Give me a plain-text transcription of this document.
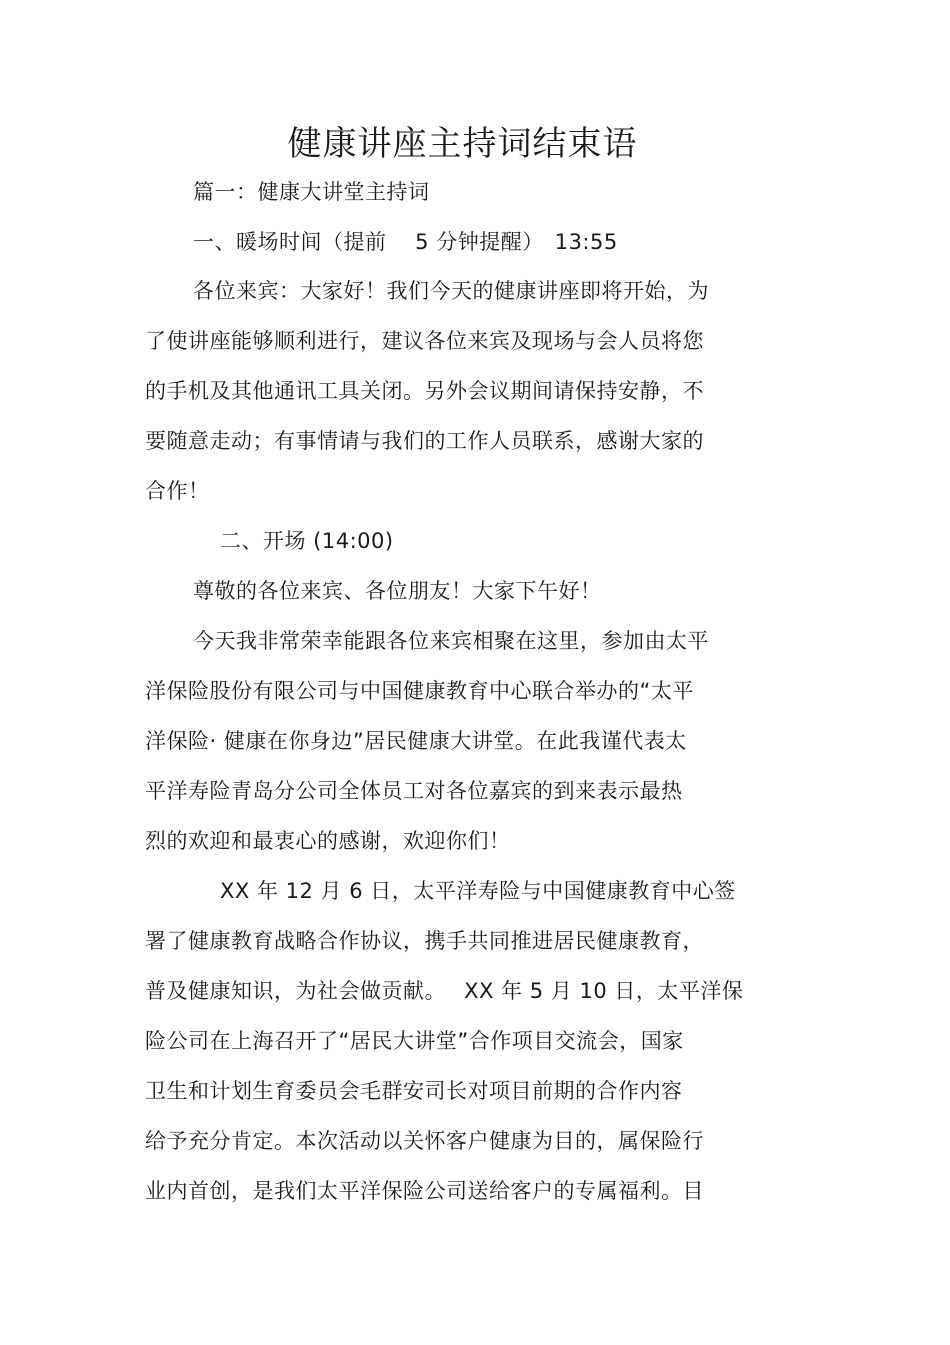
健康讲座主持词结束语
篇一：健康大讲堂主持词
一、暖场时间（提前　 5 分钟提醒）　13:55
各位来宾：大家好！我们今天的健康讲座即将开始，为
了使讲座能够顺利进行，建议各位来宾及现场与会人员将您
的手机及其他通讯工具关闭。另外会议期间请保持安静，不
要随意走动；有事情请与我们的工作人员联系，感谢大家的
合作！
二、开场 (14:00)
尊敬的各位来宾、各位朋友！大家下午好！
今天我非常荣幸能跟各位来宾相聚在这里，参加由太平
洋保险股份有限公司与中国健康教育中心联合举办的“太平
洋保险· 健康在你身边”居民健康大讲堂。在此我谨代表太
平洋寿险青岛分公司全体员工对各位嘉宾的到来表示最热
烈的欢迎和最衷心的感谢，欢迎你们！
XX 年 12 月 6 日，太平洋寿险与中国健康教育中心签
署了健康教育战略合作协议，携手共同推进居民健康教育，
普及健康知识，为社会做贡献。　 XX 年 5 月 10 日，太平洋保
险公司在上海召开了“居民大讲堂”合作项目交流会，国家
卫生和计划生育委员会毛群安司长对项目前期的合作内容
给予充分肯定。本次活动以关怀客户健康为目的，属保险行
业内首创，是我们太平洋保险公司送给客户的专属福利。目
